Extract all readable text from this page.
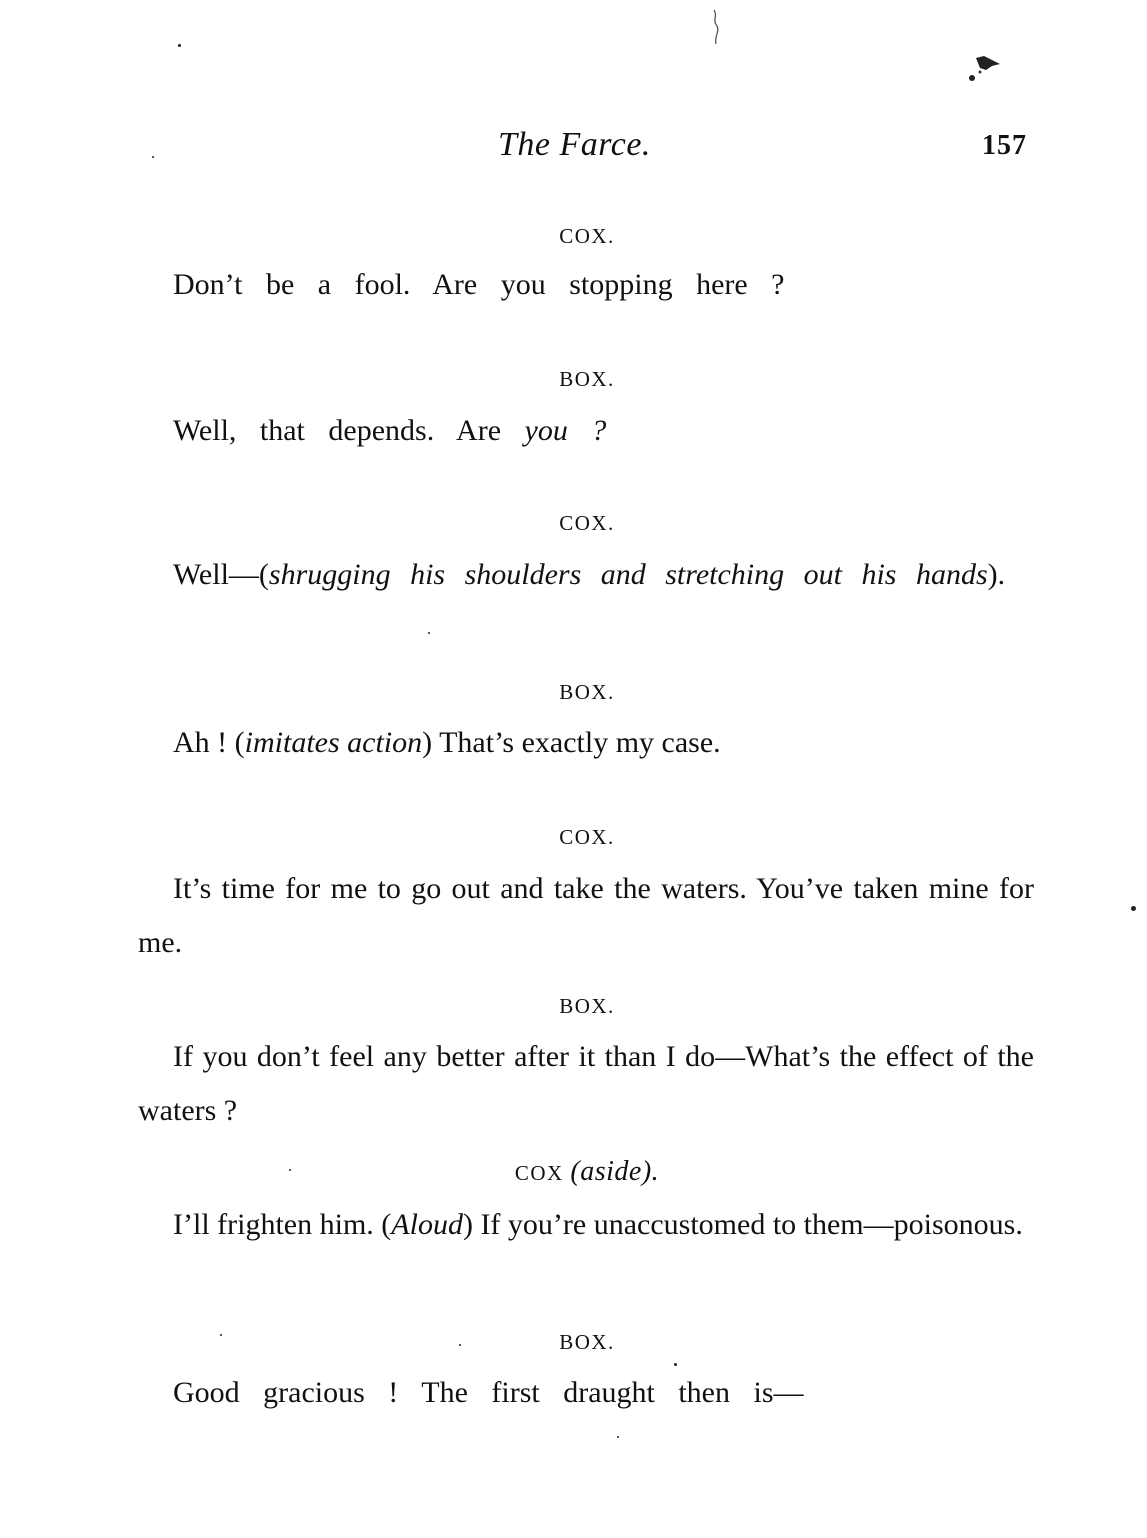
The Farce.	157
COX.

Don’t be a fool. Are you stopping here ?

BOX.

Well, that depends. Are you ?

COX.

Well—(shrugging his shoulders and stretching out his hands).

BOX.

Ah ! (imitates action) That’s exactly my case.

COX.

It’s time for me to go out and take the waters. You’ve taken mine for me.

BOX.

If you don’t feel any better after it than I do—What’s the effect of the waters ?

COX (aside).

I’ll frighten him. (Aloud) If you’re unaccustomed to them—poisonous.

BOX.

Good gracious ! The first draught then is—
